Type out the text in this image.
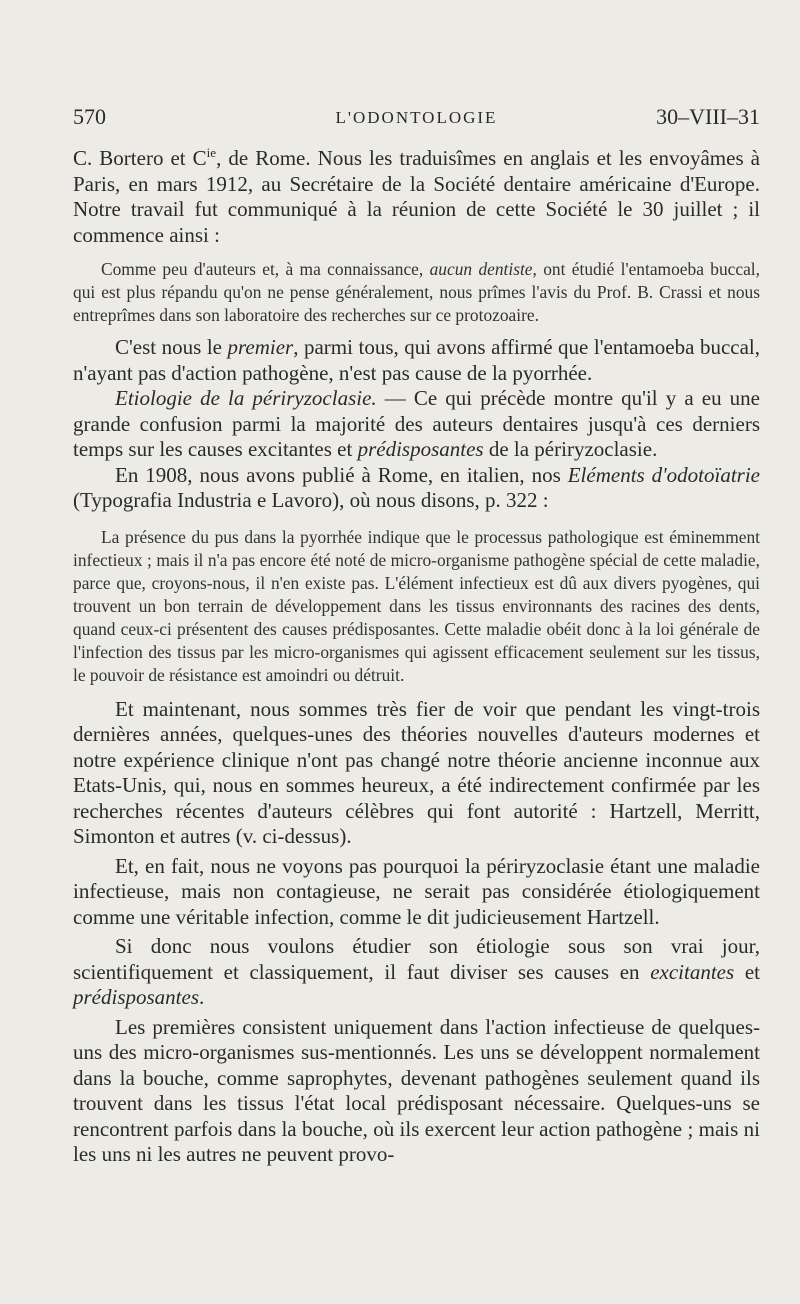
570	L'ODONTOLOGIE	30–VIII–31

C. Bortero et $C^{ie}$, de Rome. Nous les traduisîmes en anglais et les envoyâmes à Paris, en mars 1912, au Secrétaire de la Société dentaire américaine d'Europe. Notre travail fut communiqué à la réunion de cette Société le 30 juillet ; il commence ainsi :

Comme peu d'auteurs et, à ma connaissance, aucun dentiste, ont étudié l'entamoeba buccal, qui est plus répandu qu'on ne pense généralement, nous prîmes l'avis du Prof. B. Crassi et nous entreprîmes dans son laboratoire des recherches sur ce protozoaire.

C'est nous le premier, parmi tous, qui avons affirmé que l'entamoeba buccal, n'ayant pas d'action pathogène, n'est pas cause de la pyorrhée.

Etiologie de la périryzoclasie. — Ce qui précède montre qu'il y a eu une grande confusion parmi la majorité des auteurs dentaires jusqu'à ces derniers temps sur les causes excitantes et prédisposantes de la périryzoclasie.

En 1908, nous avons publié à Rome, en italien, nos Eléments d'odotoïatrie (Typografia Industria e Lavoro), où nous disons, p. 322 :

La présence du pus dans la pyorrhée indique que le processus pathologique est éminemment infectieux ; mais il n'a pas encore été noté de micro-organisme pathogène spécial de cette maladie, parce que, croyons-nous, il n'en existe pas. L'élément infectieux est dû aux divers pyogènes, qui trouvent un bon terrain de développement dans les tissus environnants des racines des dents, quand ceux-ci présentent des causes prédisposantes. Cette maladie obéit donc à la loi générale de l'infection des tissus par les micro-organismes qui agissent efficacement seulement sur les tissus, le pouvoir de résistance est amoindri ou détruit.

Et maintenant, nous sommes très fier de voir que pendant les vingt-trois dernières années, quelques-unes des théories nouvelles d'auteurs modernes et notre expérience clinique n'ont pas changé notre théorie ancienne inconnue aux Etats-Unis, qui, nous en sommes heureux, a été indirectement confirmée par les recherches récentes d'auteurs célèbres qui font autorité : Hartzell, Merritt, Simonton et autres (v. ci-dessus).

Et, en fait, nous ne voyons pas pourquoi la périryzoclasie étant une maladie infectieuse, mais non contagieuse, ne serait pas considérée étiologiquement comme une véritable infection, comme le dit judicieusement Hartzell.

Si donc nous voulons étudier son étiologie sous son vrai jour, scientifiquement et classiquement, il faut diviser ses causes en excitantes et prédisposantes.

Les premières consistent uniquement dans l'action infectieuse de quelques-uns des micro-organismes sus-mentionnés. Les uns se développent normalement dans la bouche, comme saprophytes, devenant pathogènes seulement quand ils trouvent dans les tissus l'état local prédisposant nécessaire. Quelques-uns se rencontrent parfois dans la bouche, où ils exercent leur action pathogène ; mais ni les uns ni les autres ne peuvent provo-
